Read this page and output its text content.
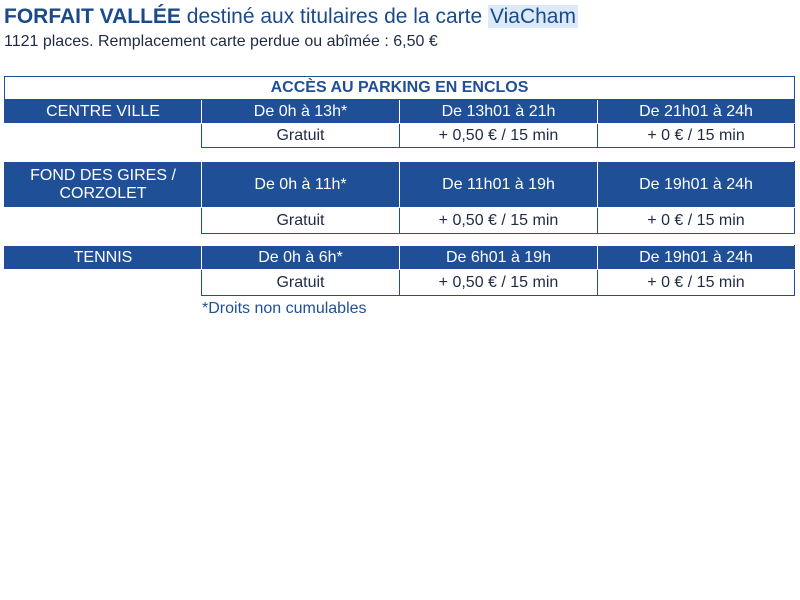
FORFAIT VALLÉE destiné aux titulaires de la carte ViaCham
1121 places. Remplacement carte perdue ou abîmée : 6,50 €
ACCÈS AU PARKING EN ENCLOS			
CENTRE VILLE	De 0h à 13h*	De 13h01 à 21h	De 21h01 à 24h
	Gratuit	+ 0,50 € / 15 min	+ 0 € / 15 min
FOND DES GIRES / CORZOLET	De 0h à 11h*	De 11h01 à 19h	De 19h01 à 24h
	Gratuit	+ 0,50 € / 15 min	+ 0 € / 15 min
TENNIS	De 0h à 6h*	De 6h01 à 19h	De 19h01 à 24h
	Gratuit	+ 0,50 € / 15 min	+ 0 € / 15 min
*Droits non cumulables
